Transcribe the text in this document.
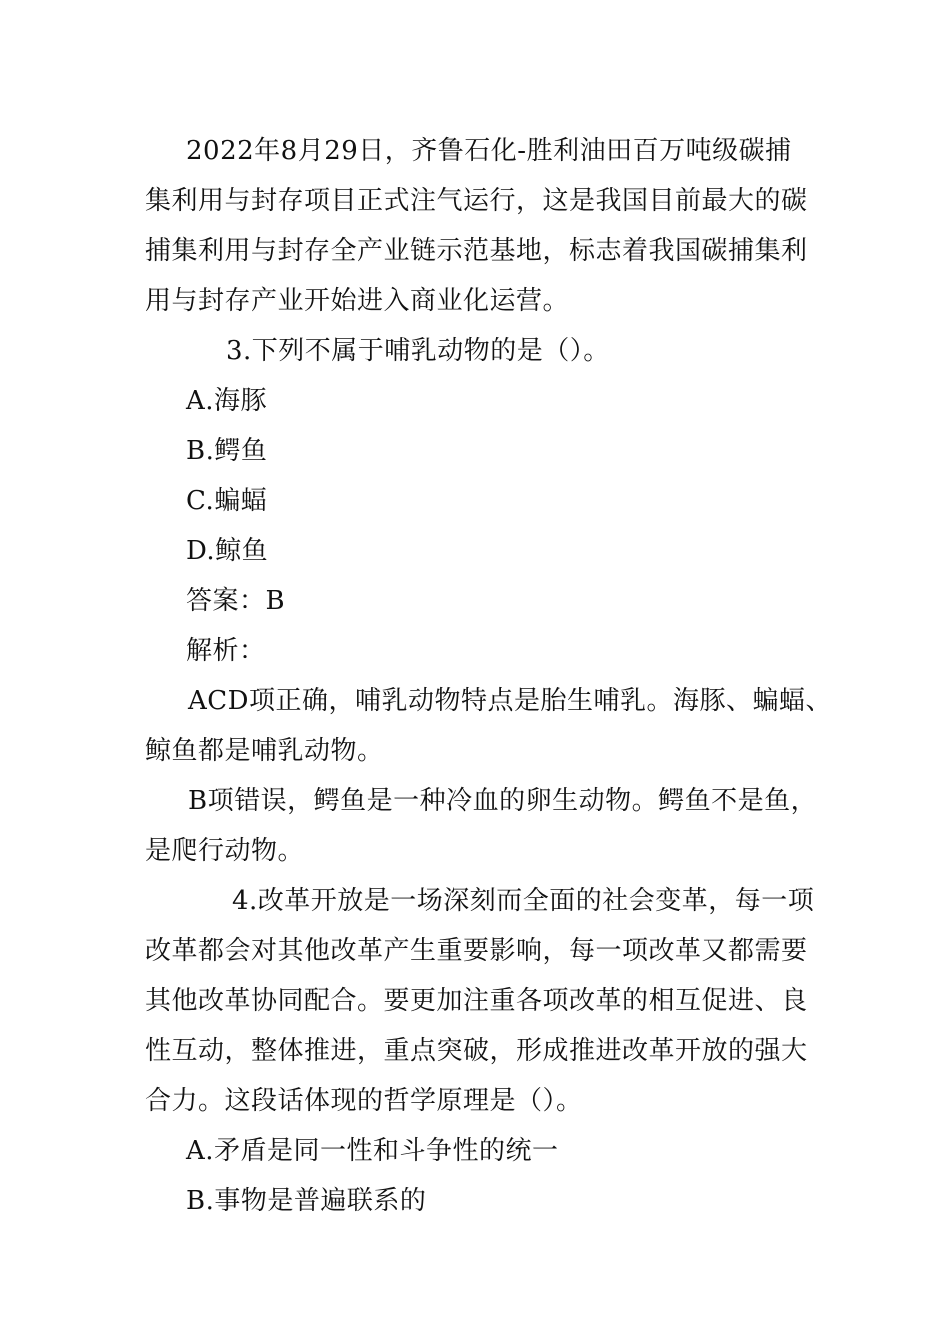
2022年8月29日，齐鲁石化-胜利油田百万吨级碳捕
集利用与封存项目正式注气运行，这是我国目前最大的碳
捕集利用与封存全产业链示范基地，标志着我国碳捕集利
用与封存产业开始进入商业化运营。
3.下列不属于哺乳动物的是（）。
A.海豚
B.鳄鱼
C.蝙蝠
D.鲸鱼
答案：B
解析：
ACD项正确，哺乳动物特点是胎生哺乳。海豚、蝙蝠、
鲸鱼都是哺乳动物。
B项错误，鳄鱼是一种冷血的卵生动物。鳄鱼不是鱼，
是爬行动物。
4.改革开放是一场深刻而全面的社会变革，每一项
改革都会对其他改革产生重要影响，每一项改革又都需要
其他改革协同配合。要更加注重各项改革的相互促进、良
性互动，整体推进，重点突破，形成推进改革开放的强大
合力。这段话体现的哲学原理是（）。
A.矛盾是同一性和斗争性的统一
B.事物是普遍联系的
